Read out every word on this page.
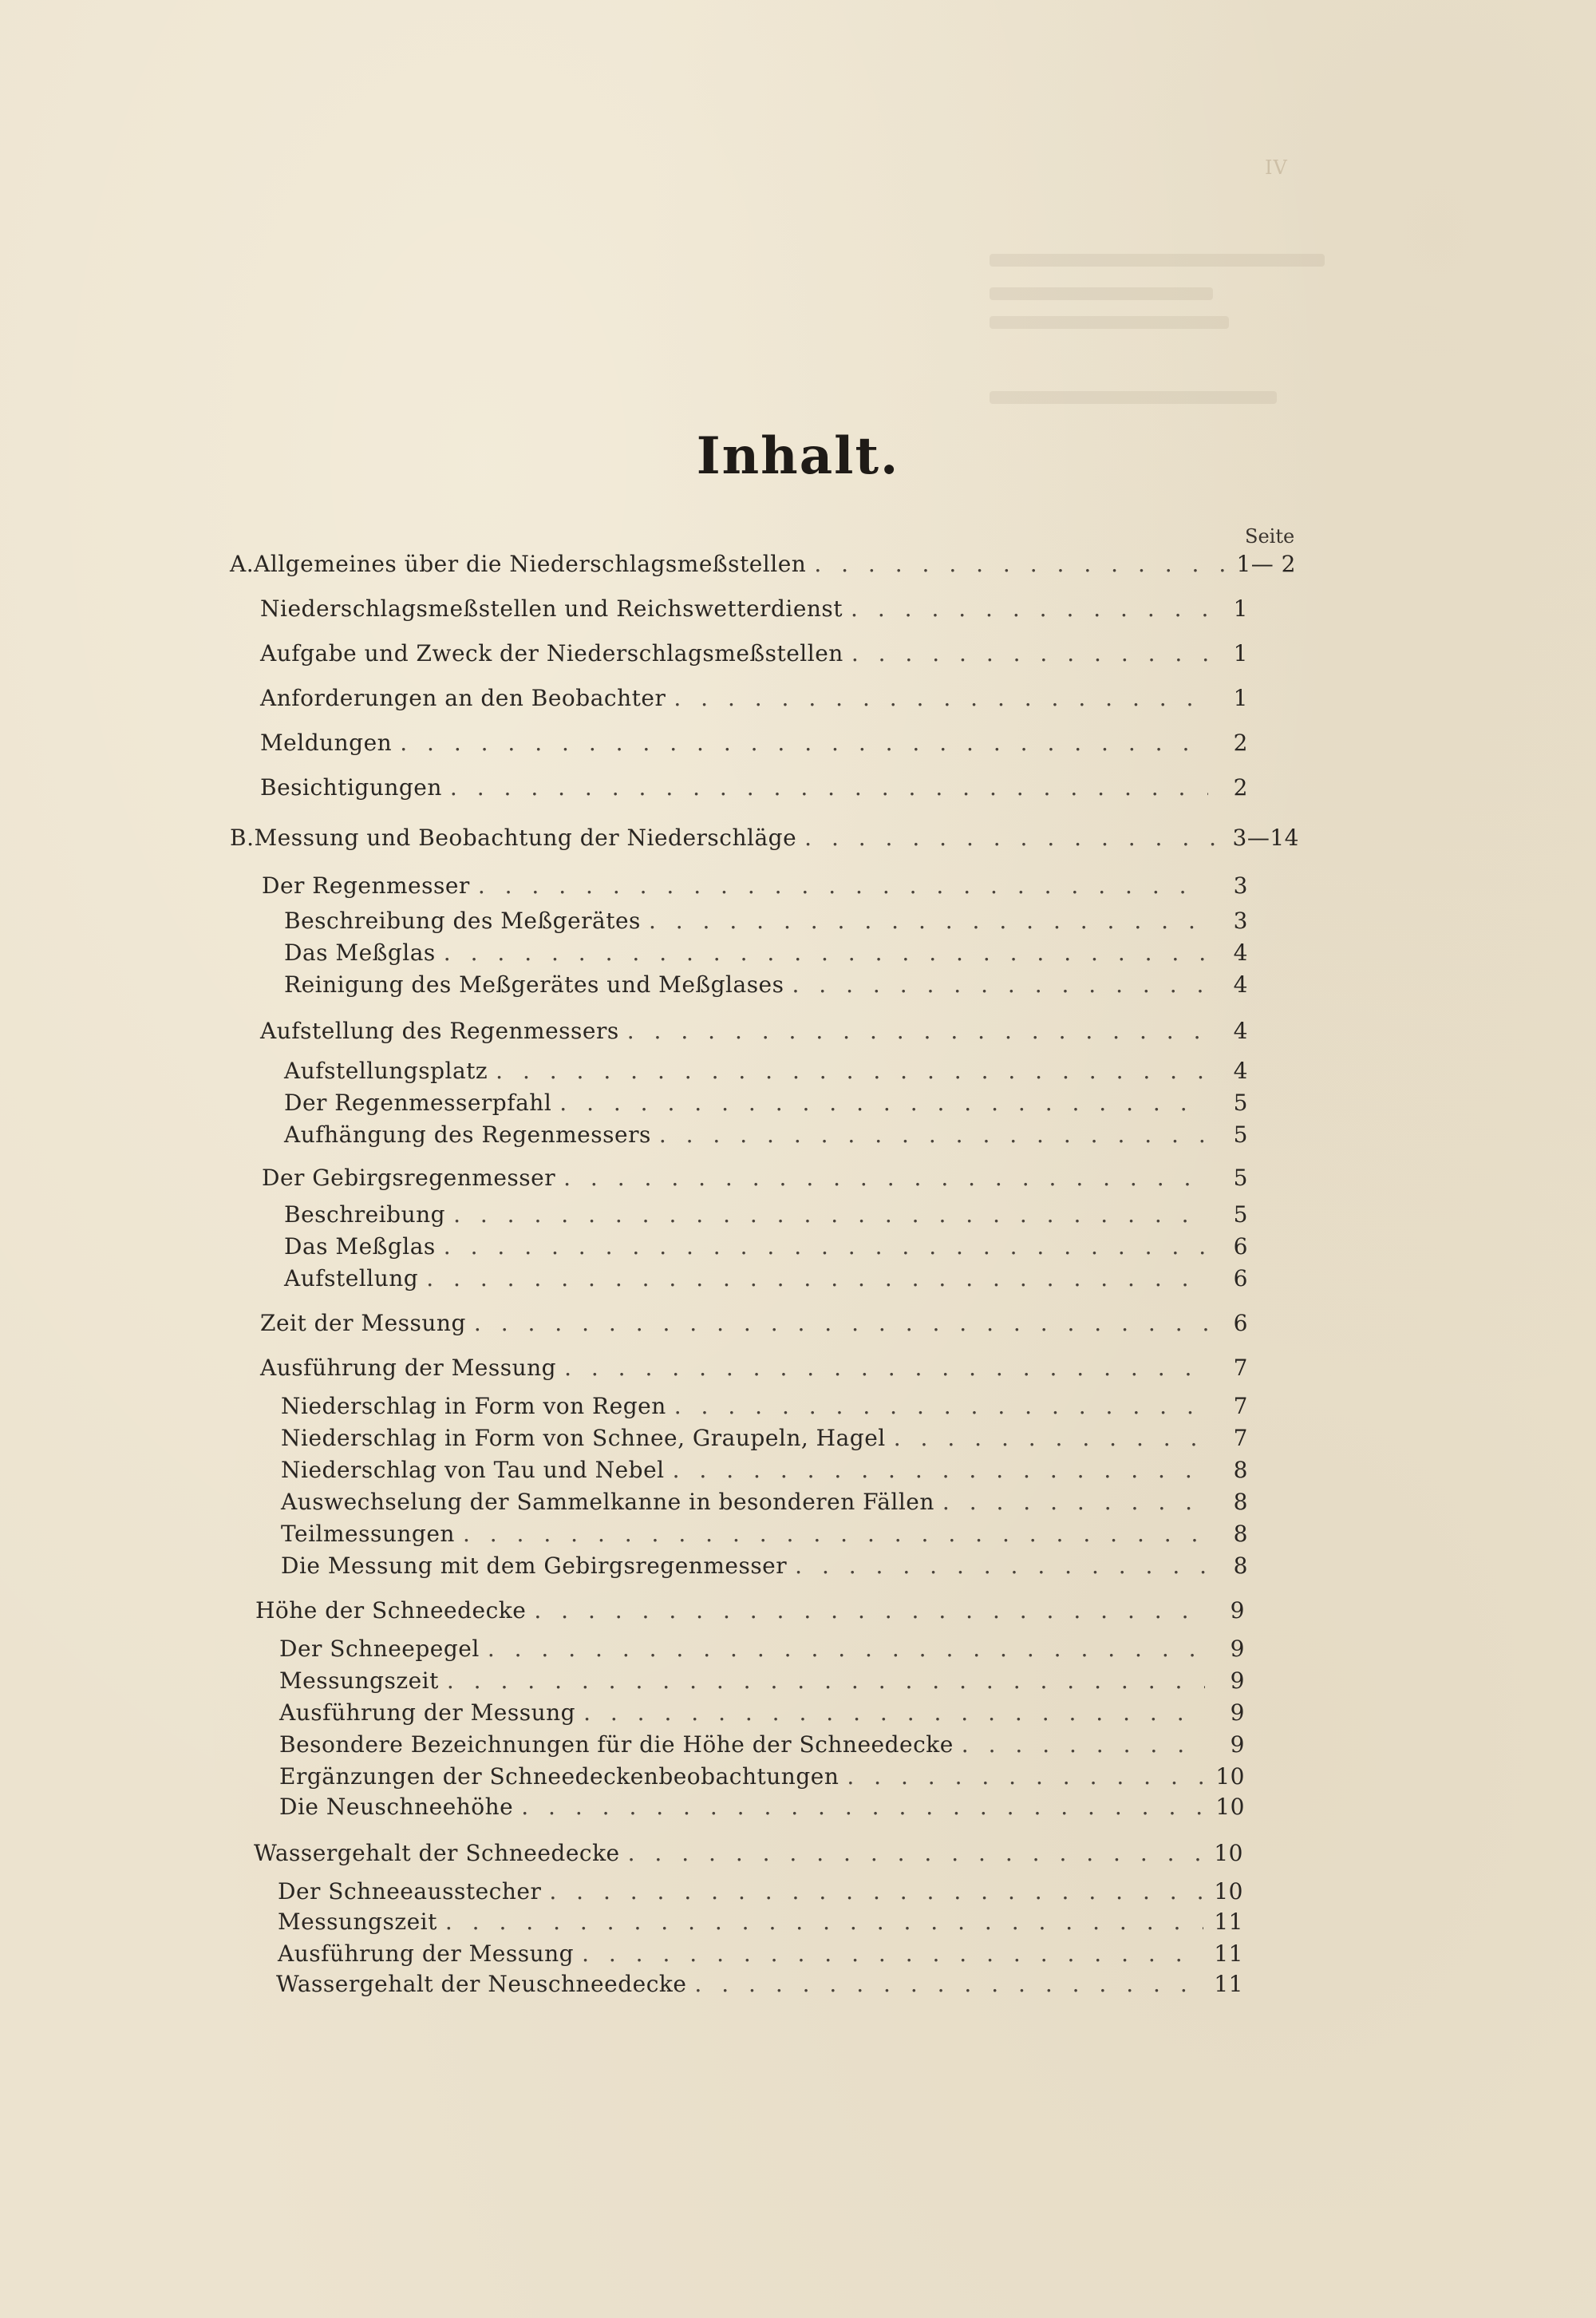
IV
Inhalt.
Seite
A. Allgemeines über die Niederschlagsmeßstellen . . .	1— 2
Niederschlagsmeßstellen und Reichswetterdienst . . .	1
Aufgabe und Zweck der Niederschlagsmeßstellen . . .	1
Anforderungen an den Beobachter . . .	1
Meldungen . . .	2
Besichtigungen . . .	2
B. Messung und Beobachtung der Niederschläge . . .	3—14
Der Regenmesser . . .	3
Beschreibung des Meßgerätes . . .	3
Das Meßglas . . .	4
Reinigung des Meßgerätes und Meßglases . . .	4
Aufstellung des Regenmessers . . .	4
Aufstellungsplatz . . .	4
Der Regenmesserpfahl . . .	5
Aufhängung des Regenmessers . . .	5
Der Gebirgsregenmesser . . .	5
Beschreibung . . .	5
Das Meßglas . . .	6
Aufstellung . . .	6
Zeit der Messung . . .	6
Ausführung der Messung . . .	7
Niederschlag in Form von Regen . . .	7
Niederschlag in Form von Schnee, Graupeln, Hagel . . .	7
Niederschlag von Tau und Nebel . . .	8
Auswechselung der Sammelkanne in besonderen Fällen . . .	8
Teilmessungen . . .	8
Die Messung mit dem Gebirgsregenmesser . . .	8
Höhe der Schneedecke . . .	9
Der Schneepegel . . .	9
Messungszeit . . .	9
Ausführung der Messung . . .	9
Besondere Bezeichnungen für die Höhe der Schneedecke . . .	9
Ergänzungen der Schneedeckenbeobachtungen . . .	10
Die Neuschneehöhe . . .	10
Wassergehalt der Schneedecke . . .	10
Der Schneeausstecher . . .	10
Messungszeit . . .	11
Ausführung der Messung . . .	11
Wassergehalt der Neuschneedecke . . .	11
